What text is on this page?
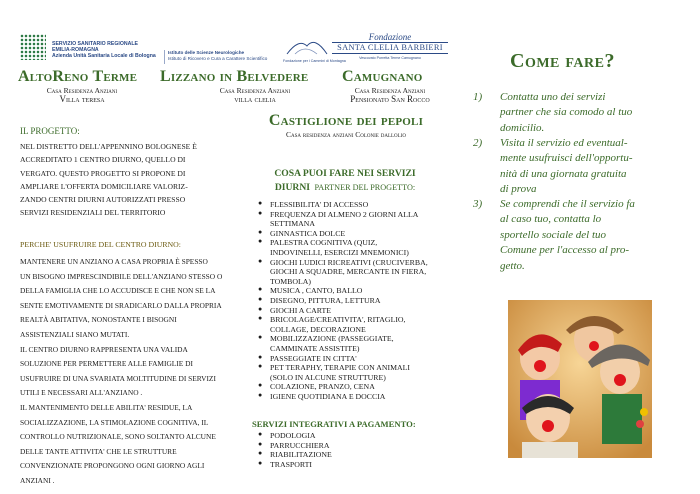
SERVIZIO SANITARIO REGIONALE
EMILIA-ROMAGNA
Azienda Unità Sanitaria Locale di Bologna
Istituto delle Scienze Neurologiche
Istituto di Ricovero e Cura a Carattere Scientifico
Fondazione per i Cammini di Montagna
Fondazione
SANTA CLELIA BARBIERI
Vescovato Porretta Terme Camugnano
AltoReno Terme
Casa Residenza Anziani
Villa teresa
Lizzano in Belvedere
Casa Residenza Anziani
villa clelia
Camugnano
Casa Residenza Anziani
Pensionato San Rocco
Castiglione dei pepoli
Casa residenza anziani Colonie dallolio
IL PROGETTO:
NEL DISTRETTO DELL'APPENNINO BOLOGNESE È
ACCREDITATO 1 CENTRO DIURNO, QUELLO DI
VERGATO. QUESTO PROGETTO SI PROPONE DI
AMPLIARE L'OFFERTA DOMICILIARE VALORIZ-
ZANDO CENTRI DIURNI AUTORIZZATI PRESSO
SERVIZI RESIDENZIALI DEL TERRITORIO
PERCHE' USUFRUIRE DEL CENTRO DIURNO:
MANTENERE UN ANZIANO A CASA PROPRIA È SPESSO
UN BISOGNO IMPRESCINDIBILE DELL'ANZIANO STESSO O
DELLA FAMIGLIA CHE LO ACCUDISCE E CHE NON SE LA
SENTE EMOTIVAMENTE DI SRADICARLO DALLA PROPRIA
REALTÀ ABITATIVA, NONOSTANTE I BISOGNI
ASSISTENZIALI SIANO MUTATI.
IL CENTRO DIURNO RAPPRESENTA UNA VALIDA
SOLUZIONE PER PERMETTERE ALLE FAMIGLIE DI
USUFRUIRE DI UNA SVARIATA MOLTITUDINE DI SERVIZI
UTILI E NECESSARI ALL'ANZIANO .
IL MANTENIMENTO DELLE ABILITA' RESIDUE, LA
SOCIALIZZAZIONE, LA STIMOLAZIONE COGNITIVA, IL
CONTROLLO NUTRIZIONALE, SONO SOLTANTO ALCUNE
DELLE TANTE ATTIVITA' CHE LE STRUTTURE
CONVENZIONATE PROPONGONO OGNI GIORNO AGLI
ANZIANI .
COSA PUOI FARE NEI SERVIZI
DIURNI PARTNER DEL PROGETTO:
● FLESSIBILITA' DI ACCESSO
● FREQUENZA DI ALMENO 2 GIORNI ALLA SETTIMANA
● GINNASTICA DOLCE
● PALESTRA COGNITIVA (QUIZ, INDOVINELLI, ESERCIZI MNEMONICI)
● GIOCHI LUDICI RICREATIVI (CRUCIVERBA, GIOCHI A SQUADRE, MERCANTE IN FIERA, TOMBOLA)
● MUSICA , CANTO, BALLO
● DISEGNO, PITTURA, LETTURA
● GIOCHI A CARTE
● BRICOLAGE/CREATIVITA', RITAGLIO, COLLAGE, DECORAZIONE
● MOBILIZZAZIONE (PASSEGGIATE, CAMMINATE ASSISTITE)
● PASSEGGIATE IN CITTA'
● PET TERAPHY, TERAPIE CON ANIMALI (SOLO IN ALCUNE STRUTTURE)
● COLAZIONE, PRANZO, CENA
● IGIENE QUOTIDIANA E DOCCIA
SERVIZI INTEGRATIVI A PAGAMENTO:
● PODOLOGIA
● PARRUCCHIERA
● RIABILITAZIONE
● TRASPORTI
Come fare?
1) Contatta uno dei servizi
partner che sia comodo al tuo
domicilio.
2) Visita il servizio ed eventual-
mente usufruisci dell'opportu-
nità di una giornata gratuita
di prova
3) Se comprendi che il servizio fa
al caso tuo, contatta lo
sportello sociale del tuo
Comune per l'accesso al pro-
getto.
